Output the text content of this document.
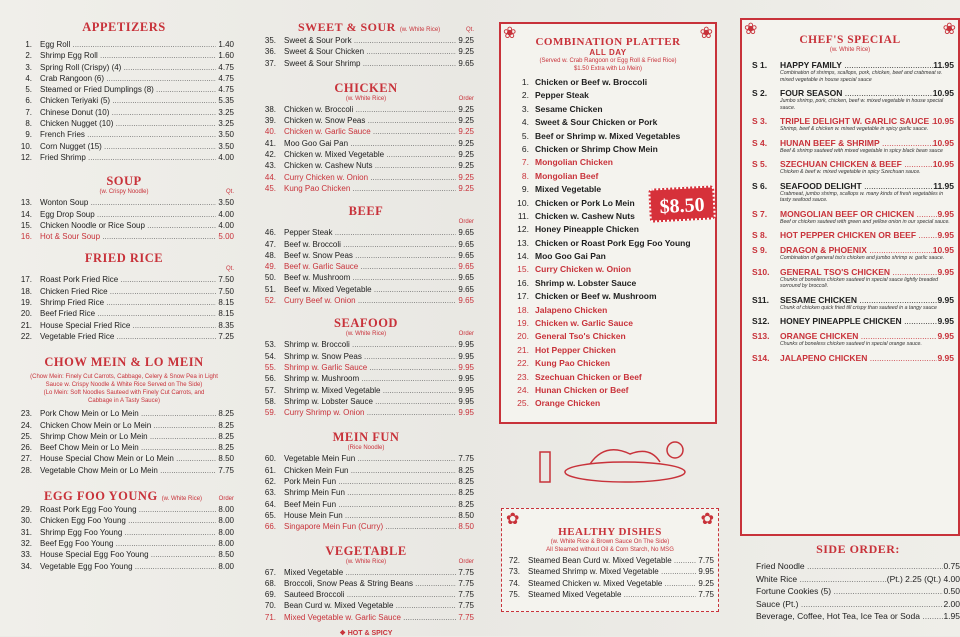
APPETIZERS
1.	Egg Roll .....	1.40
2.	Shrimp Egg Roll .....	1.60
3.	Spring Roll (Crispy) (4) .....	4.75
4.	Crab Rangoon (6) .....	4.75
5.	Steamed or Fried Dumplings (8) .....	4.75
6.	Chicken Teriyaki (5) .....	5.35
7.	Chinese Donut (10) .....	3.25
8.	Chicken Nugget (10) .....	3.25
9.	French Fries .....	3.50
10.	Corn Nugget (15) .....	3.50
12.	Fried Shrimp .....	4.00
SOUP
(w. Crispy Noodle)	Qt.
13.	Wonton Soup .....	3.50
14.	Egg Drop Soup .....	4.00
15.	Chicken Noodle or Rice Soup .....	4.00
16.	Hot & Sour Soup .....	5.00
FRIED RICE
Qt.
17.	Roast Pork Fried Rice .....	7.50
18.	Chicken Fried Rice .....	7.50
19.	Shrimp Fried Rice .....	8.15
20.	Beef Fried Rice .....	8.15
21.	House Special Fried Rice .....	8.35
22.	Vegetable Fried Rice .....	7.25
CHOW MEIN & LO MEIN
(Chow Mein: Finely Cut Carrots, Cabbage, Celery & Snow Pea in Light Sauce w. Crispy Noodle & White Rice Served on The Side)
(Lo Mein: Soft Noodles Sauteed with Finely Cut Carrots, and Cabbage in A Tasty Sauce)
23.	Pork Chow Mein or Lo Mein .....	8.25
24.	Chicken Chow Mein or Lo Mein .....	8.25
25.	Shrimp Chow Mein or Lo Mein .....	8.25
26.	Beef Chow Mein or Lo Mein .....	8.25
27.	House Special Chow Mein or Lo Mein .....	8.50
28.	Vegetable Chow Mein or Lo Mein .....	7.75
EGG FOO YOUNG (w. White Rice)	Order
29.	Roast Pork Egg Foo Young .....	8.00
30.	Chicken Egg Foo Young .....	8.00
31.	Shrimp Egg Foo Young .....	8.00
32.	Beef Egg Foo Young .....	8.00
33.	House Special Egg Foo Young .....	8.50
34.	Vegetable Egg Foo Young .....	8.00
SWEET & SOUR (w. White Rice)	Qt.
35.	Sweet & Sour Pork .....	9.25
36.	Sweet & Sour Chicken .....	9.25
37.	Sweet & Sour Shrimp .....	9.65
CHICKEN
(w. White Rice)	Order
38.	Chicken w. Broccoli .....	9.25
39.	Chicken w. Snow Peas .....	9.25
40.	Chicken w. Garlic Sauce .....	9.25
41.	Moo Goo Gai Pan .....	9.25
42.	Chicken w. Mixed Vegetable .....	9.25
43.	Chicken w. Cashew Nuts .....	9.25
44.	Curry Chicken w. Onion .....	9.25
45.	Kung Pao Chicken .....	9.25
BEEF
Order
46.	Pepper Steak .....	9.65
47.	Beef w. Broccoli .....	9.65
48.	Beef w. Snow Peas .....	9.65
49.	Beef w. Garlic Sauce .....	9.65
50.	Beef w. Mushroom .....	9.65
51.	Beef w. Mixed Vegetable .....	9.65
52.	Curry Beef w. Onion .....	9.65
SEAFOOD
(w. White Rice)	Order
53.	Shrimp w. Broccoli .....	9.95
54.	Shrimp w. Snow Peas .....	9.95
55.	Shrimp w. Garlic Sauce .....	9.95
56.	Shrimp w. Mushroom .....	9.95
57.	Shrimp w. Mixed Vegetable .....	9.95
58.	Shrimp w. Lobster Sauce .....	9.95
59.	Curry Shrimp w. Onion .....	9.95
MEIN FUN
(Rice Noodle)
60.	Vegetable Mein Fun .....	7.75
61.	Chicken Mein Fun .....	8.25
62.	Pork Mein Fun .....	8.25
63.	Shrimp Mein Fun .....	8.25
64.	Beef Mein Fun .....	8.25
65.	House Mein Fun .....	8.50
66.	Singapore Mein Fun (Curry) .....	8.50
VEGETABLE
(w. White Rice)	Order
67.	Mixed Vegetable .....	7.75
68.	Broccoli, Snow Peas & String Beans .....	7.75
69.	Sauteed Broccoli .....	7.75
70.	Bean Curd w. Mixed Vegetable .....	7.75
71.	Mixed Vegetable w. Garlic Sauce .....	7.75
❖ HOT & SPICY
❀	❀
COMBINATION PLATTER
ALL DAY
(Served w. Crab Rangoon or Egg Roll & Fried Rice)
$1.50 Extra with Lo Mein)
1. Chicken or Beef w. Broccoli
2. Pepper Steak
3. Sesame Chicken
4. Sweet & Sour Chicken or Pork
5. Beef or Shrimp w. Mixed Vegetables
6. Chicken or Shrimp Chow Mein
7. Mongolian Chicken
8. Mongolian Beef
9. Mixed Vegetable
10. Chicken or Pork Lo Mein
11. Chicken w. Cashew Nuts
12. Honey Pineapple Chicken
13. Chicken or Roast Pork Egg Foo Young
14. Moo Goo Gai Pan
15. Curry Chicken w. Onion
16. Shrimp w. Lobster Sauce
17. Chicken or Beef w. Mushroom
18. Jalapeno Chicken
19. Chicken w. Garlic Sauce
20. General Tso's Chicken
21. Hot Pepper Chicken
22. Kung Pao Chicken
23. Szechuan Chicken or Beef
24. Hunan Chicken or Beef
25. Orange Chicken
$8.50
✿	✿
HEALTHY DISHES
(w. White Rice & Brown Sauce On The Side)
All Steamed without Oil & Corn Starch, No MSG
72.	Steamed Bean Curd w. Mixed Vegetable .....	7.75
73.	Steamed Shrimp w. Mixed Vegetable .....	9.95
74.	Steamed Chicken w. Mixed Vegetable .....	9.25
75.	Steamed Mixed Vegetable .....	7.75
❀	❀
CHEF'S SPECIAL
(w. White Rice)
S 1.	HAPPY FAMILY .....	11.95
Combination of shrimps, scallops, pork, chicken, beef and crabmeat w. mixed vegetable in house special sauce
S 2.	FOUR SEASON .....	10.95
Jumbo shrimp, pork, chicken, beef w. mixed vegetable in house special sauce.
S 3.	TRIPLE DELIGHT W. GARLIC SAUCE ..... 10.95
Shrimp, beef & chicken w. mixed vegetable in spicy garlic sauce.
S 4.	HUNAN BEEF & SHRIMP .....	10.95
Beef & shrimp sauteed with mixed vegetable in spicy black bean sauce
S 5.	SZECHUAN CHICKEN & BEEF .....	10.95
Chicken & beef w. mixed vegetable in spicy Szechuan sauce.
S 6.	SEAFOOD DELIGHT .....	11.95
Crabmeat, jumbo shrimp, scallops w. many kinds of fresh vegetables in tasty seafood sauce.
S 7.	MONGOLIAN BEEF OR CHICKEN .....	9.95
Beef or chicken sauteed with green and yellow onion in our special sauce.
S 8.	HOT PEPPER CHICKEN OR BEEF .....	9.95
S 9.	DRAGON & PHOENIX .....	10.95
Combination of general tso's chicken and jumbo shrimp w. garlic sauce.
S10.	GENERAL TSO'S CHICKEN .....	9.95
Chunks of boneless chicken sauteed in special sauce lightly breaded sorround by broccoli.
S11.	SESAME CHICKEN .....	9.95
Chunk of chicken quick fried till crispy than sauteed in a tangy sauce
S12.	HONEY PINEAPPLE CHICKEN .....	9.95
S13.	ORANGE CHICKEN .....	9.95
Chunks of boneless chicken sauteed in special orange sauce.
S14.	JALAPENO CHICKEN .....	9.95
SIDE ORDER:
Fried Noodle .....	0.75
White Rice .....	(Pt.) 2.25 (Qt.) 4.00
Fortune Cookies (5) .....	0.50
Sauce (Pt.) .....	2.00
Beverage, Coffee, Hot Tea, Ice Tea or Soda .....	1.95
